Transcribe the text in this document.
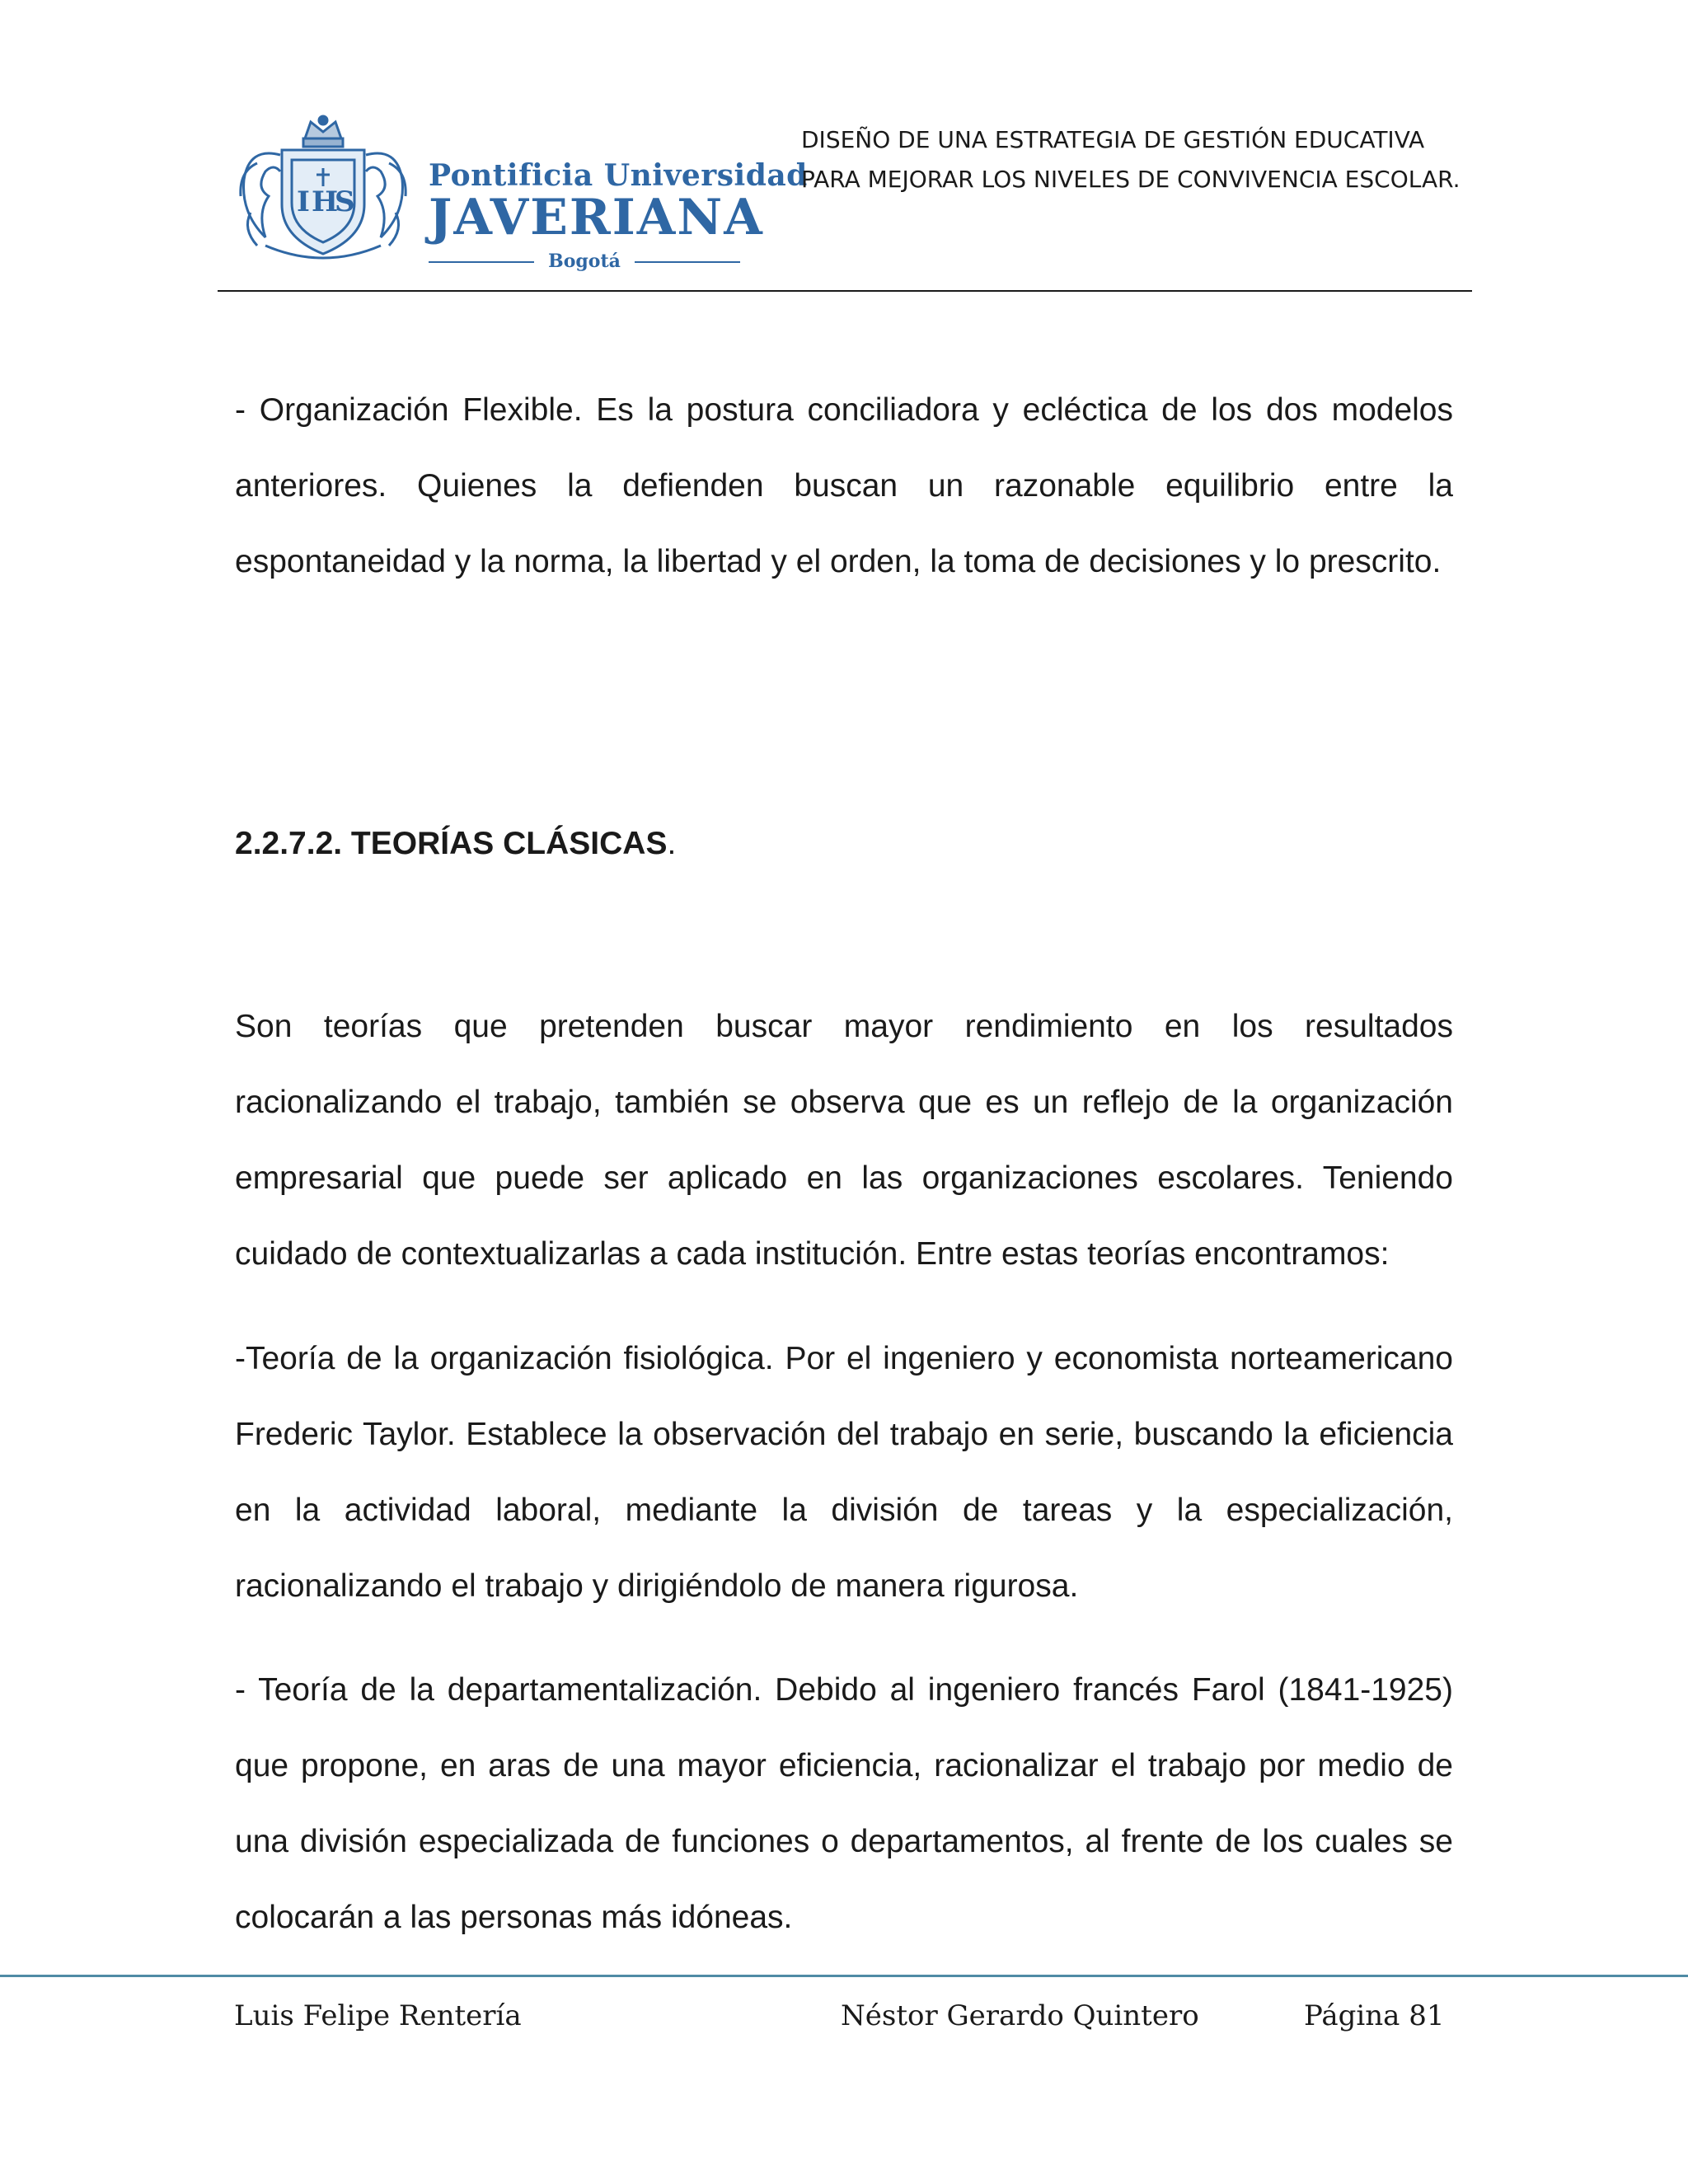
I H
S
Pontificia Universidad
JAVERIANA
Bogotá
DISEÑO DE UNA ESTRATEGIA DE GESTIÓN EDUCATIVA
PARA MEJORAR LOS NIVELES DE CONVIVENCIA ESCOLAR.

- Organización Flexible. Es la postura conciliadora y ecléctica de los dos modelos anteriores. Quienes la defienden buscan un razonable equilibrio entre la espontaneidad y la norma, la libertad y el orden, la toma de decisiones y lo prescrito.

2.2.7.2. TEORÍAS CLÁSICAS.

Son teorías que pretenden buscar mayor rendimiento en los resultados racionalizando el trabajo, también se observa que es un reflejo de la organización empresarial que puede ser aplicado en las organizaciones escolares. Teniendo cuidado de contextualizarlas a cada institución. Entre estas teorías encontramos:

-Teoría de la organización fisiológica. Por el ingeniero y economista norteamericano Frederic Taylor. Establece la observación del trabajo en serie, buscando la eficiencia en la actividad laboral, mediante la división de tareas y la especialización, racionalizando el trabajo y dirigiéndolo de manera rigurosa.

- Teoría de la departamentalización. Debido al ingeniero francés Farol (1841-1925) que propone, en aras de una mayor eficiencia, racionalizar el trabajo por medio de una división especializada de funciones o departamentos, al frente de los cuales se colocarán a las personas más idóneas.

Luis Felipe Rentería	Néstor Gerardo Quintero	Página 81
